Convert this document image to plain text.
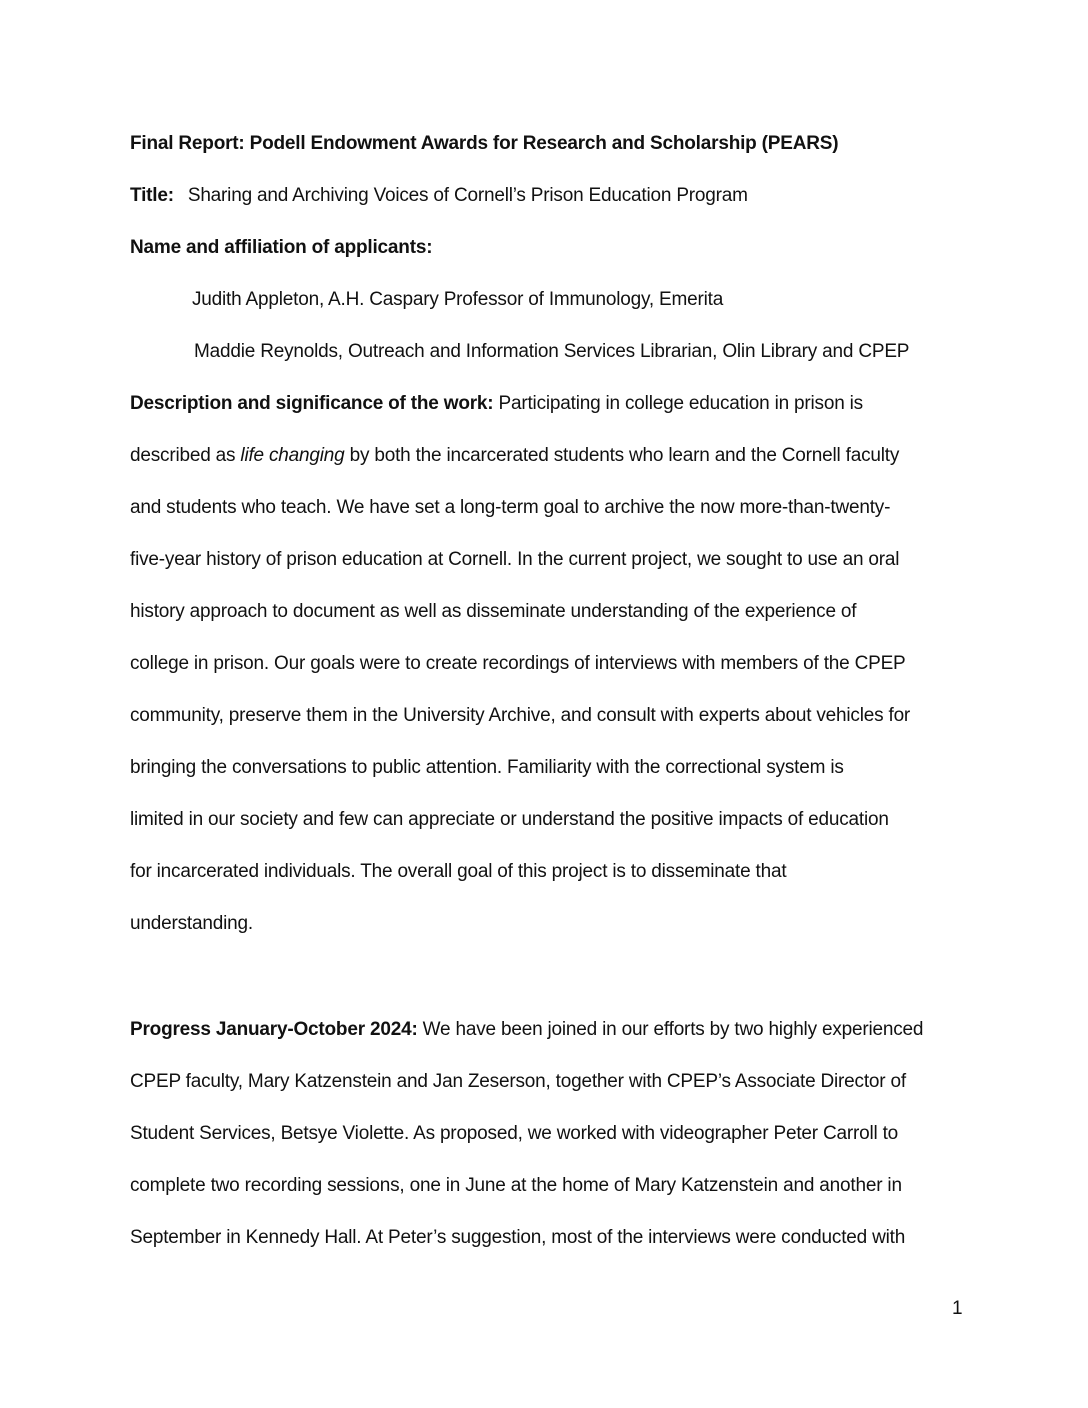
Final Report: Podell Endowment Awards for Research and Scholarship (PEARS)
Title: Sharing and Archiving Voices of Cornell’s Prison Education Program
Name and affiliation of applicants:
Judith Appleton, A.H. Caspary Professor of Immunology, Emerita
Maddie Reynolds, Outreach and Information Services Librarian, Olin Library and CPEP
Description and significance of the work: Participating in college education in prison is
described as life changing by both the incarcerated students who learn and the Cornell faculty
and students who teach. We have set a long-term goal to archive the now more-than-twenty-
five-year history of prison education at Cornell. In the current project, we sought to use an oral
history approach to document as well as disseminate understanding of the experience of
college in prison. Our goals were to create recordings of interviews with members of the CPEP
community, preserve them in the University Archive, and consult with experts about vehicles for
bringing the conversations to public attention. Familiarity with the correctional system is
limited in our society and few can appreciate or understand the positive impacts of education
for incarcerated individuals. The overall goal of this project is to disseminate that
understanding.
Progress January-October 2024: We have been joined in our efforts by two highly experienced
CPEP faculty, Mary Katzenstein and Jan Zeserson, together with CPEP’s Associate Director of
Student Services, Betsye Violette. As proposed, we worked with videographer Peter Carroll to
complete two recording sessions, one in June at the home of Mary Katzenstein and another in
September in Kennedy Hall. At Peter’s suggestion, most of the interviews were conducted with
1
